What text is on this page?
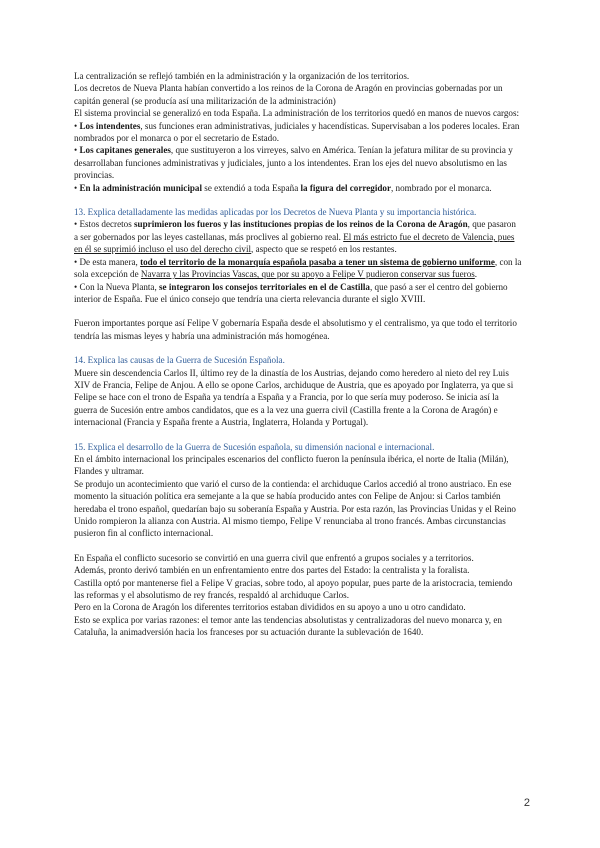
La centralización se reflejó también en la administración y la organización de los territorios.

Los decretos de Nueva Planta habían convertido a los reinos de la Corona de Aragón en provincias gobernadas por un capitán general (se producía así una militarización de la administración)

El sistema provincial se generalizó en toda España. La administración de los territorios quedó en manos de nuevos cargos:

• Los intendentes, sus funciones eran administrativas, judiciales y hacendísticas. Supervisaban a los poderes locales. Eran nombrados por el monarca o por el secretario de Estado.

• Los capitanes generales, que sustituyeron a los virreyes, salvo en América. Tenían la jefatura militar de su provincia y desarrollaban funciones administrativas y judiciales, junto a los intendentes. Eran los ejes del nuevo absolutismo en las provincias.

• En la administración municipal se extendió a toda España la figura del corregidor, nombrado por el monarca.

13. Explica detalladamente las medidas aplicadas por los Decretos de Nueva Planta y su importancia histórica.

• Estos decretos suprimieron los fueros y las instituciones propias de los reinos de la Corona de Aragón, que pasaron a ser gobernados por las leyes castellanas, más proclives al gobierno real. El más estricto fue el decreto de Valencia, pues en él se suprimió incluso el uso del derecho civil, aspecto que se respetó en los restantes.

• De esta manera, todo el territorio de la monarquía española pasaba a tener un sistema de gobierno uniforme, con la sola excepción de Navarra y las Provincias Vascas, que por su apoyo a Felipe V pudieron conservar sus fueros.

• Con la Nueva Planta, se integraron los consejos territoriales en el de Castilla, que pasó a ser el centro del gobierno interior de España. Fue el único consejo que tendría una cierta relevancia durante el siglo XVIII.

Fueron importantes porque así Felipe V gobernaría España desde el absolutismo y el centralismo, ya que todo el territorio tendría las mismas leyes y habría una administración más homogénea.

14. Explica las causas de la Guerra de Sucesión Española.

Muere sin descendencia Carlos II, último rey de la dinastía de los Austrias, dejando como heredero al nieto del rey Luis XIV de Francia, Felipe de Anjou. A ello se opone Carlos, archiduque de Austria, que es apoyado por Inglaterra, ya que si Felipe se hace con el trono de España ya tendría a España y a Francia, por lo que sería muy poderoso. Se inicia así la guerra de Sucesión entre ambos candidatos, que es a la vez una guerra civil (Castilla frente a la Corona de Aragón) e internacional (Francia y España frente a Austria, Inglaterra, Holanda y Portugal).

15. Explica el desarrollo de la Guerra de Sucesión española, su dimensión nacional e internacional.

En el ámbito internacional los principales escenarios del conflicto fueron la península ibérica, el norte de Italia (Milán), Flandes y ultramar.

Se produjo un acontecimiento que varió el curso de la contienda: el archiduque Carlos accedió al trono austriaco. En ese momento la situación política era semejante a la que se había producido antes con Felipe de Anjou: si Carlos también heredaba el trono español, quedarían bajo su soberanía España y Austria. Por esta razón, las Provincias Unidas y el Reino Unido rompieron la alianza con Austria. Al mismo tiempo, Felipe V renunciaba al trono francés. Ambas circunstancias pusieron fin al conflicto internacional.

En España el conflicto sucesorio se convirtió en una guerra civil que enfrentó a grupos sociales y a territorios.

Además, pronto derivó también en un enfrentamiento entre dos partes del Estado: la centralista y la foralista.

Castilla optó por mantenerse fiel a Felipe V gracias, sobre todo, al apoyo popular, pues parte de la aristocracia, temiendo las reformas y el absolutismo de rey francés, respaldó al archiduque Carlos.

Pero en la Corona de Aragón los diferentes territorios estaban divididos en su apoyo a uno u otro candidato.

Esto se explica por varias razones: el temor ante las tendencias absolutistas y centralizadoras del nuevo monarca y, en Cataluña, la animadversión hacia los franceses por su actuación durante la sublevación de 1640.

2
